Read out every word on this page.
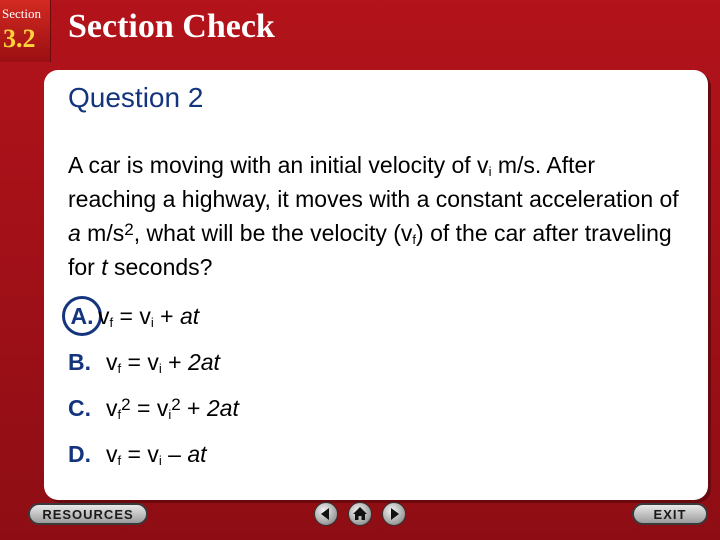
Section
3.2 Section Check
Question 2
A car is moving with an initial velocity of $v_i$ m/s. After reaching a highway, it moves with a constant acceleration of a $m/s^2$, what will be the velocity $(v_f)$ of the car after traveling for t seconds?
A. $v_f = v_i$ + at
B. $v_f = v_i + 2at$
C. $v_f^2 = v_i^2 + 2at$
D. $v_f = v_i$ – at
RESOURCES	EXIT
